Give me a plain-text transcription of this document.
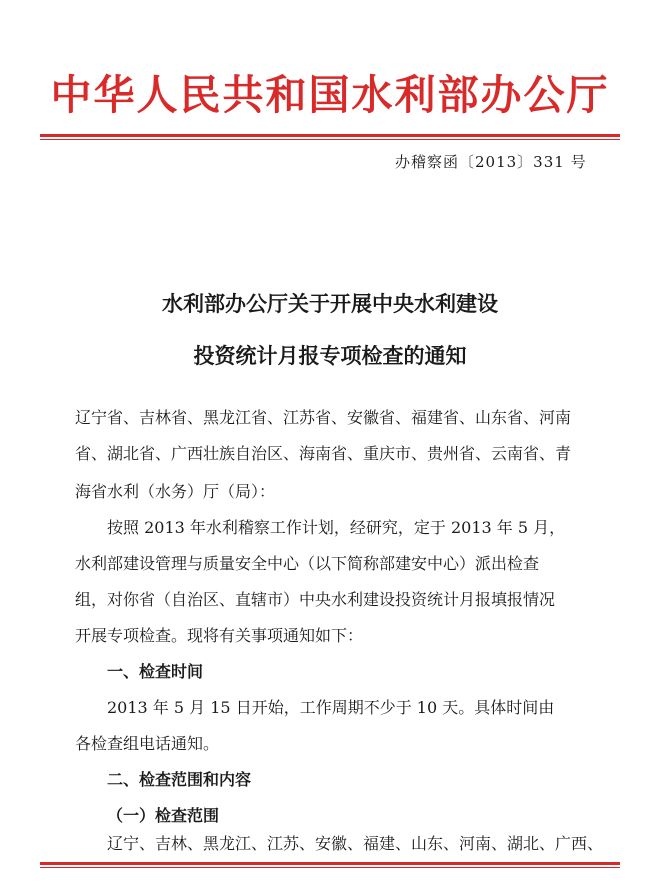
中华人民共和国水利部办公厅
办稽察函〔2013〕331 号
水利部办公厅关于开展中央水利建设
投资统计月报专项检查的通知
辽宁省、吉林省、黑龙江省、江苏省、安徽省、福建省、山东省、河南
省、湖北省、广西壮族自治区、海南省、重庆市、贵州省、云南省、青
海省水利（水务）厅（局）：
按照 2013 年水利稽察工作计划，经研究，定于 2013 年 5 月，
水利部建设管理与质量安全中心（以下简称部建安中心）派出检查
组，对你省（自治区、直辖市）中央水利建设投资统计月报填报情况
开展专项检查。现将有关事项通知如下：
一、检查时间
2013 年 5 月 15 日开始，工作周期不少于 10 天。具体时间由
各检查组电话通知。
二、检查范围和内容
（一）检查范围
辽宁、吉林、黑龙江、江苏、安徽、福建、山东、河南、湖北、广西、
